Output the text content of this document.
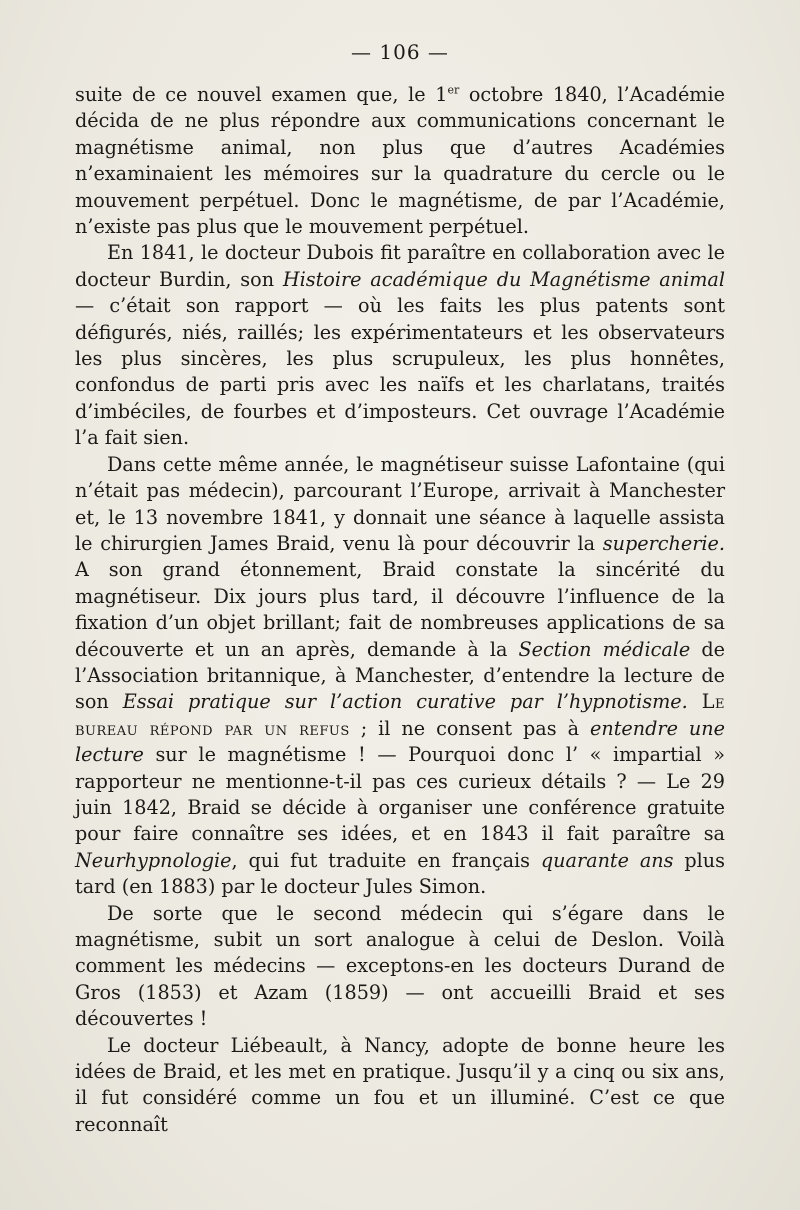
— 106 —

suite de ce nouvel examen que, le 1er octobre 1840, l’Académie décida de ne plus répondre aux communications concernant le magnétisme animal, non plus que d’autres Académies n’examinaient les mémoires sur la quadrature du cercle ou le mouvement perpétuel. Donc le magnétisme, de par l’Académie, n’existe pas plus que le mouvement perpétuel.

En 1841, le docteur Dubois fit paraître en collaboration avec le docteur Burdin, son Histoire académique du Magnétisme animal — c’était son rapport — où les faits les plus patents sont défigurés, niés, raillés; les expérimentateurs et les observateurs les plus sincères, les plus scrupuleux, les plus honnêtes, confondus de parti pris avec les naïfs et les charlatans, traités d’imbéciles, de fourbes et d’imposteurs. Cet ouvrage l’Académie l’a fait sien.

Dans cette même année, le magnétiseur suisse Lafontaine (qui n’était pas médecin), parcourant l’Europe, arrivait à Manchester et, le 13 novembre 1841, y donnait une séance à laquelle assista le chirurgien James Braid, venu là pour découvrir la supercherie. A son grand étonnement, Braid constate la sincérité du magnétiseur. Dix jours plus tard, il découvre l’influence de la fixation d’un objet brillant; fait de nombreuses applications de sa découverte et un an après, demande à la Section médicale de l’Association britannique, à Manchester, d’entendre la lecture de son Essai pratique sur l’action curative par l’hypnotisme. Le bureau répond par un refus ; il ne consent pas à entendre une lecture sur le magnétisme ! — Pourquoi donc l’ « impartial » rapporteur ne mentionne-t-il pas ces curieux détails ? — Le 29 juin 1842, Braid se décide à organiser une conférence gratuite pour faire connaître ses idées, et en 1843 il fait paraître sa Neurhypnologie, qui fut traduite en français quarante ans plus tard (en 1883) par le docteur Jules Simon.

De sorte que le second médecin qui s’égare dans le magnétisme, subit un sort analogue à celui de Deslon. Voilà comment les médecins — exceptons-en les docteurs Durand de Gros (1853) et Azam (1859) — ont accueilli Braid et ses découvertes !

Le docteur Liébeault, à Nancy, adopte de bonne heure les idées de Braid, et les met en pratique. Jusqu’il y a cinq ou six ans, il fut considéré comme un fou et un illuminé. C’est ce que reconnaît
